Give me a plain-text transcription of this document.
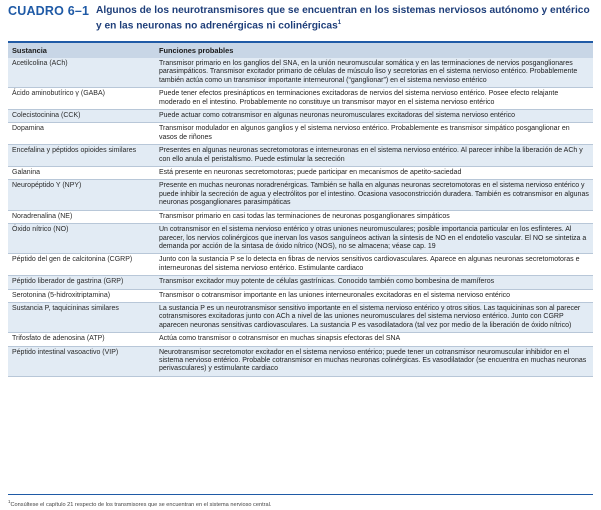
CUADRO 6–1 Algunos de los neurotransmisores que se encuentran en los sistemas nerviosos autónomo y entérico y en las neuronas no adrenérgicas ni colinérgicas$^1$
Sustancia	Funciones probables
Acetilcolina (ACh)	Transmisor primario en los ganglios del SNA, en la unión neuromuscular somática y en las terminaciones de nervios posganglionares parasimpáticos. Transmisor excitador primario de células de músculo liso y secretorias en el sistema nervioso entérico. Probablemente también actúa como un transmisor importante interneuronal (“ganglionar”) en el sistema nervioso entérico
Ácido aminobutírico γ (GABA)	Puede tener efectos presinápticos en terminaciones excitadoras de nervios del sistema nervioso entérico. Posee efecto relajante moderado en el intestino. Probablemente no constituye un transmisor mayor en el sistema nervioso entérico
Colecistocinina (CCK)	Puede actuar como cotransmisor en algunas neuronas neuromusculares excitadoras del sistema nervioso entérico
Dopamina	Transmisor modulador en algunos ganglios y el sistema nervioso entérico. Probablemente es transmisor simpático posganglionar en vasos de riñones
Encefalina y péptidos opioides similares	Presentes en algunas neuronas secretomotoras e interneuronas en el sistema nervioso entérico. Al parecer inhibe la liberación de ACh y con ello anula el peristaltismo. Puede estimular la secreción
Galanina	Está presente en neuronas secretomotoras; puede participar en mecanismos de apetito-saciedad
Neuropéptido Y (NPY)	Presente en muchas neuronas noradrenérgicas. También se halla en algunas neuronas secretomotoras en el sistema nervioso entérico y puede inhibir la secreción de agua y electrólitos por el intestino. Ocasiona vasoconstricción duradera. También es cotransmisor en algunas neuronas posganglionares parasimpáticas
Noradrenalina (NE)	Transmisor primario en casi todas las terminaciones de neuronas posganglionares simpáticos
Óxido nítrico (NO)	Un cotransmisor en el sistema nervioso entérico y otras uniones neuromusculares; posible importancia particular en los esfínteres. Al parecer, los nervios colinérgicos que inervan los vasos sanguíneos activan la síntesis de NO en el endotelio vascular. El NO se sintetiza a demanda por acción de la sintasa de óxido nítrico (NOS), no se almacena; véase cap. 19
Péptido del gen de calcitonina (CGRP)	Junto con la sustancia P se lo detecta en fibras de nervios sensitivos cardiovasculares. Aparece en algunas neuronas secretomotoras e interneuronas del sistema nervioso entérico. Estimulante cardiaco
Péptido liberador de gastrina (GRP)	Transmisor excitador muy potente de células gastrínicas. Conocido también como bombesina de mamíferos
Serotonina (5-hidroxitriptamina)	Transmisor o cotransmisor importante en las uniones interneuronales excitadoras en el sistema nervioso entérico
Sustancia P, taquicininas similares	La sustancia P es un neurotransmisor sensitivo importante en el sistema nervioso entérico y otros sitios. Las taquicininas son al parecer cotransmisores excitadoras junto con ACh a nivel de las uniones neuromusculares del sistema nervioso entérico. Junto con CGRP aparecen neuronas sensitivas cardiovasculares. La sustancia P es vasodilatadora (tal vez por medio de la liberación de óxido nítrico)
Trifosfato de adenosina (ATP)	Actúa como transmisor o cotransmisor en muchas sinapsis efectoras del SNA
Péptido intestinal vasoactivo (VIP)	Neurotransmisor secretomotor excitador en el sistema nervioso entérico; puede tener un cotransmisor neuromuscular inhibidor en el sistema nervioso entérico. Probable cotransmisor en muchas neuronas colinérgicas. Es vasodilatador (se encuentra en muchas neuronas perivasculares) y estimulante cardiaco
$^1$Consúltese el capítulo 21 respecto de los transmisores que se encuentran en el sistema nervioso central.
